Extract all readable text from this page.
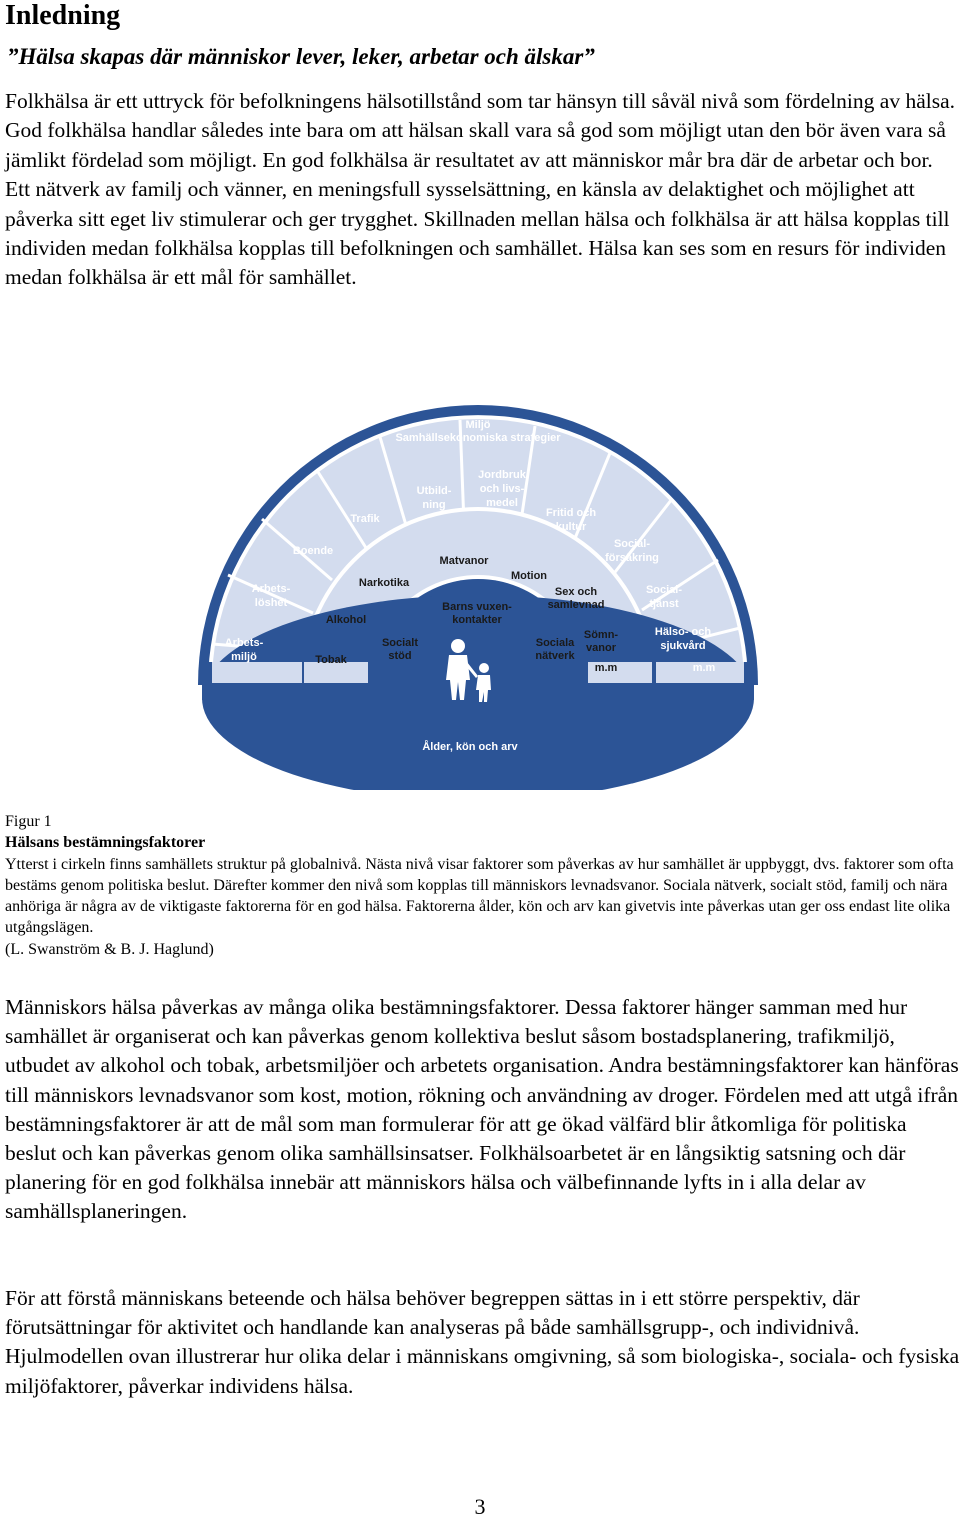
Inledning

”Hälsa skapas där människor lever, leker, arbetar och älskar”

Folkhälsa är ett uttryck för befolkningens hälsotillstånd som tar hänsyn till såväl nivå som fördelning av hälsa. God folkhälsa handlar således inte bara om att hälsan skall vara så god som möjligt utan den bör även vara så jämlikt fördelad som möjligt. En god folkhälsa är resultatet av att människor mår bra där de arbetar och bor. Ett nätverk av familj och vänner, en meningsfull sysselsättning, en känsla av delaktighet och möjlighet att påverka sitt eget liv stimulerar och ger trygghet. Skillnaden mellan hälsa och folkhälsa är att hälsa kopplas till individen medan folkhälsa kopplas till befolkningen och samhället. Hälsa kan ses som en resurs för individen medan folkhälsa är ett mål för samhället.

Miljö
Samhällsekonomiska strategier
Arbets-
miljö
Arbets-
löshet
Boende
Trafik
Utbild-
ning
Jordbruk
och livs-
medel
Fritid och
kultur
Social-
försäkring
Social-
tjänst
Hälso- och
sjukvård
m.m
Tobak
Alkohol
Narkotika
Matvanor
Motion
Sex och
samlevnad
Sömn-
vanor
m.m
Barns vuxen-
kontakter
Socialt
stöd
Sociala
nätverk
Ålder, kön och arv

Figur 1
Hälsans bestämningsfaktorer
Ytterst i cirkeln finns samhällets struktur på globalnivå. Nästa nivå visar faktorer som påverkas av hur samhället är uppbyggt, dvs. faktorer som ofta bestäms genom politiska beslut. Därefter kommer den nivå som kopplas till människors levnadsvanor. Sociala nätverk, socialt stöd, familj och nära anhöriga är några av de viktigaste faktorerna för en god hälsa. Faktorerna ålder, kön och arv kan givetvis inte påverkas utan ger oss endast lite olika utgångslägen.
(L. Swanström & B. J. Haglund)

Människors hälsa påverkas av många olika bestämningsfaktorer. Dessa faktorer hänger samman med hur samhället är organiserat och kan påverkas genom kollektiva beslut såsom bostadsplanering, trafikmiljö, utbudet av alkohol och tobak, arbetsmiljöer och arbetets organisation. Andra bestämningsfaktorer kan hänföras till människors levnadsvanor som kost, motion, rökning och användning av droger. Fördelen med att utgå ifrån bestämningsfaktorer är att de mål som man formulerar för att ge ökad välfärd blir åtkomliga för politiska beslut och kan påverkas genom olika samhällsinsatser. Folkhälsoarbetet är en långsiktig satsning och där planering för en god folkhälsa innebär att människors hälsa och välbefinnande lyfts in i alla delar av samhällsplaneringen.

För att förstå människans beteende och hälsa behöver begreppen sättas in i ett större perspektiv, där förutsättningar för aktivitet och handlande kan analyseras på både samhällsgrupp-, och individnivå. Hjulmodellen ovan illustrerar hur olika delar i människans omgivning, så som biologiska-, sociala- och fysiska miljöfaktorer, påverkar individens hälsa.

3
